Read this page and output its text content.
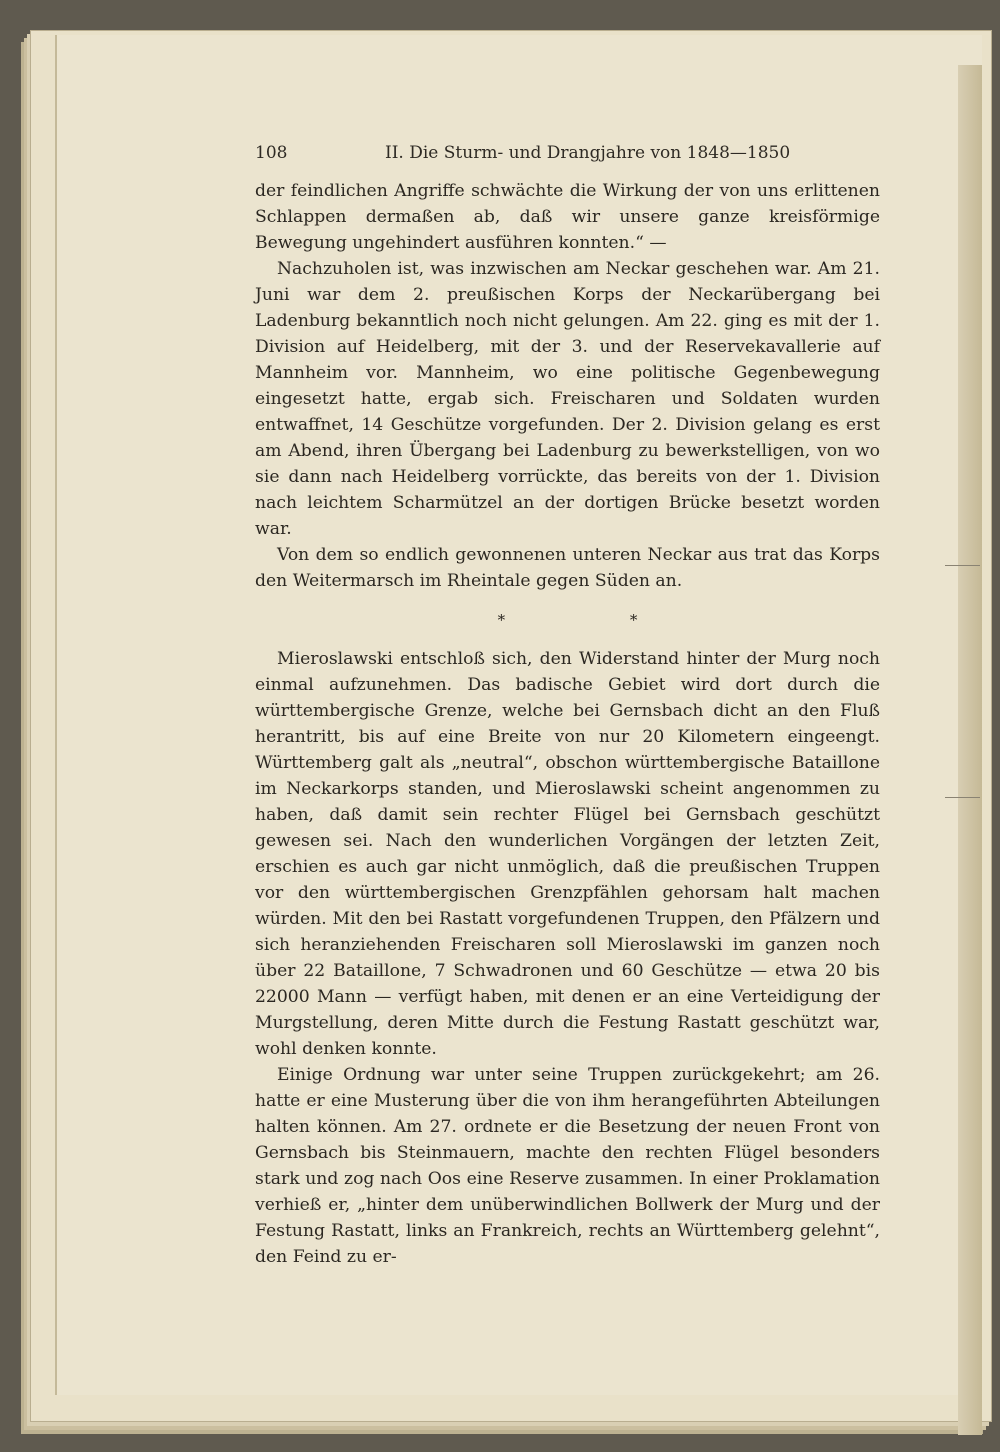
108	II. Die Sturm- und Drangjahre von 1848—1850

der feindlichen Angriffe schwächte die Wirkung der von uns erlittenen Schlappen dermaßen ab, daß wir unsere ganze kreisförmige Bewegung ungehindert ausführen konnten.“ —

Nachzuholen ist, was inzwischen am Neckar geschehen war. Am 21. Juni war dem 2. preußischen Korps der Neckarübergang bei Ladenburg bekanntlich noch nicht gelungen. Am 22. ging es mit der 1. Division auf Heidelberg, mit der 3. und der Reservekavallerie auf Mannheim vor. Mannheim, wo eine politische Gegenbewegung eingesetzt hatte, ergab sich. Freischaren und Soldaten wurden entwaffnet, 14 Geschütze vorgefunden. Der 2. Division gelang es erst am Abend, ihren Übergang bei Ladenburg zu bewerkstelligen, von wo sie dann nach Heidelberg vorrückte, das bereits von der 1. Division nach leichtem Scharmützel an der dortigen Brücke besetzt worden war.

Von dem so endlich gewonnenen unteren Neckar aus trat das Korps den Weitermarsch im Rheintale gegen Süden an.

* *

Mieroslawski entschloß sich, den Widerstand hinter der Murg noch einmal aufzunehmen. Das badische Gebiet wird dort durch die württembergische Grenze, welche bei Gernsbach dicht an den Fluß herantritt, bis auf eine Breite von nur 20 Kilometern eingeengt. Württemberg galt als „neutral“, obschon württembergische Bataillone im Neckarkorps standen, und Mieroslawski scheint angenommen zu haben, daß damit sein rechter Flügel bei Gernsbach geschützt gewesen sei. Nach den wunderlichen Vorgängen der letzten Zeit, erschien es auch gar nicht unmöglich, daß die preußischen Truppen vor den württembergischen Grenzpfählen gehorsam halt machen würden. Mit den bei Rastatt vorgefundenen Truppen, den Pfälzern und sich heranziehenden Freischaren soll Mieroslawski im ganzen noch über 22 Bataillone, 7 Schwadronen und 60 Geschütze — etwa 20 bis 22000 Mann — verfügt haben, mit denen er an eine Verteidigung der Murgstellung, deren Mitte durch die Festung Rastatt geschützt war, wohl denken konnte.

Einige Ordnung war unter seine Truppen zurückgekehrt; am 26. hatte er eine Musterung über die von ihm herangeführten Abteilungen halten können. Am 27. ordnete er die Besetzung der neuen Front von Gernsbach bis Steinmauern, machte den rechten Flügel besonders stark und zog nach Oos eine Reserve zusammen. In einer Proklamation verhieß er, „hinter dem unüberwindlichen Bollwerk der Murg und der Festung Rastatt, links an Frankreich, rechts an Württemberg gelehnt“, den Feind zu er-
